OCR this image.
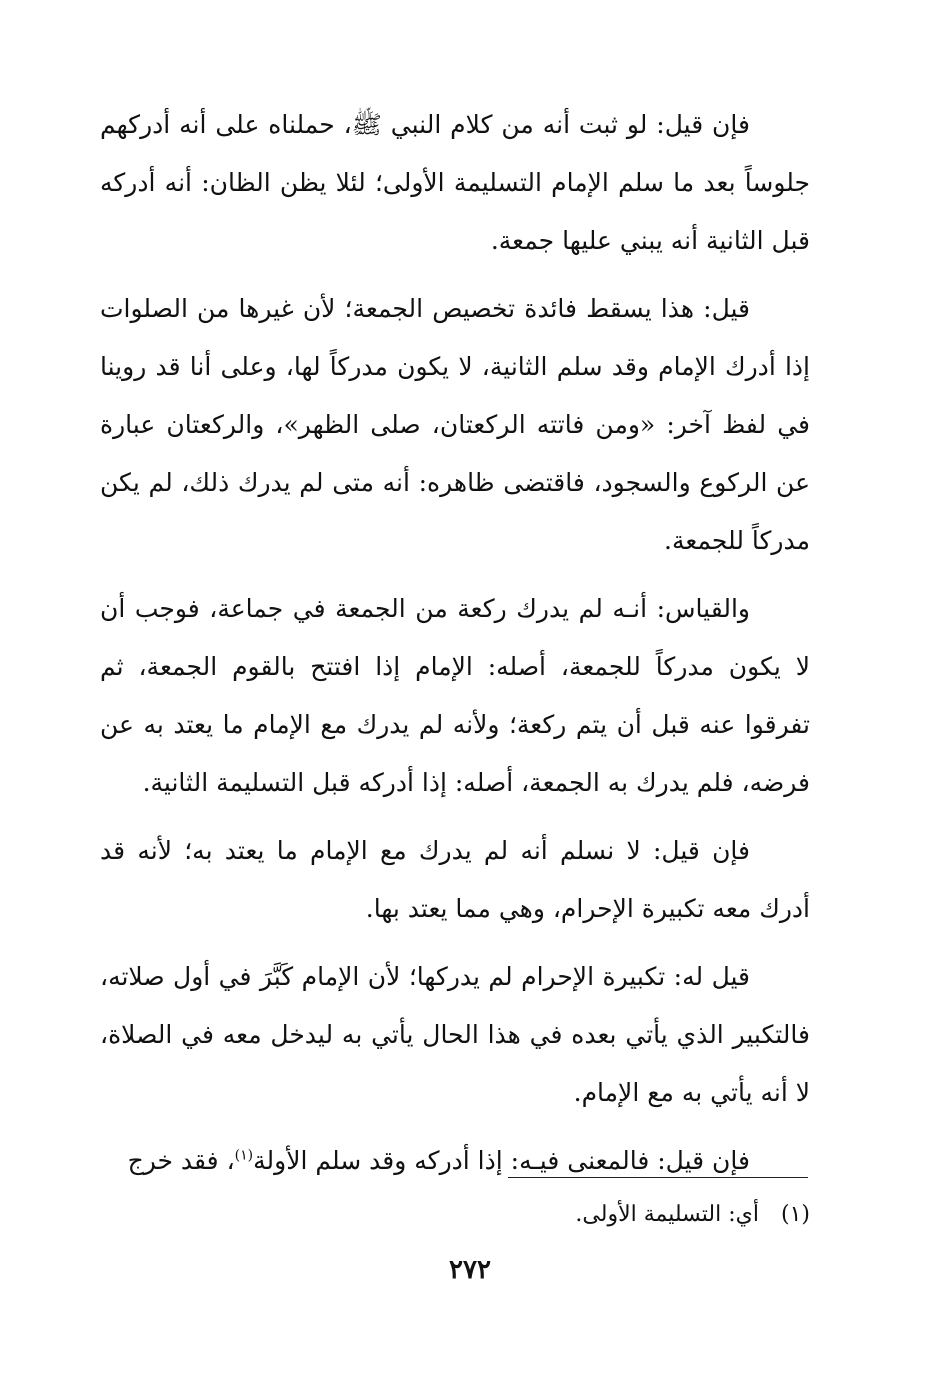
فإن قيل: لو ثبت أنه من كلام النبي ﷺ، حملناه على أنه أدركهم جلوساً بعد ما سلم الإمام التسليمة الأولى؛ لئلا يظن الظان: أنه أدركه قبل الثانية أنه يبني عليها جمعة.

قيل: هذا يسقط فائدة تخصيص الجمعة؛ لأن غيرها من الصلوات إذا أدرك الإمام وقد سلم الثانية، لا يكون مدركاً لها، وعلى أنا قد روينا في لفظ آخر: «ومن فاتته الركعتان، صلى الظهر»، والركعتان عبارة عن الركوع والسجود، فاقتضى ظاهره: أنه متى لم يدرك ذلك، لم يكن مدركاً للجمعة.

والقياس: أنـه لم يدرك ركعة من الجمعة في جماعة، فوجب أن لا يكون مدركاً للجمعة، أصله: الإمام إذا افتتح بالقوم الجمعة، ثم تفرقوا عنه قبل أن يتم ركعة؛ ولأنه لم يدرك مع الإمام ما يعتد به عن فرضه، فلم يدرك به الجمعة، أصله: إذا أدركه قبل التسليمة الثانية.

فإن قيل: لا نسلم أنه لم يدرك مع الإمام ما يعتد به؛ لأنه قد أدرك معه تكبيرة الإحرام، وهي مما يعتد بها.

قيل له: تكبيرة الإحرام لم يدركها؛ لأن الإمام كَبَّرَ في أول صلاته، فالتكبير الذي يأتي بعده في هذا الحال يأتي به ليدخل معه في الصلاة، لا أنه يأتي به مع الإمام.

فإن قيل: فالمعنى فيـه: إذا أدركه وقد سلم الأولة$^{(١)}$، فقد خرج

(١)أي: التسليمة الأولى.
٢٧٢
